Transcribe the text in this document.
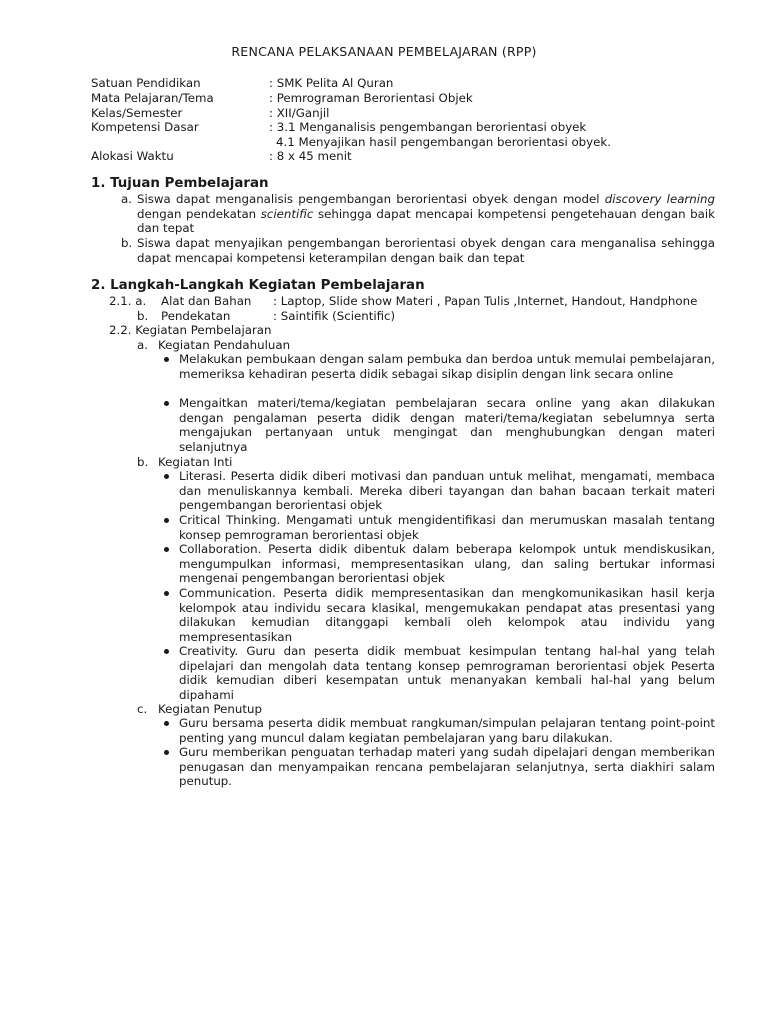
RENCANA PELAKSANAAN PEMBELAJARAN (RPP)
Satuan Pendidikan	: SMK Pelita Al Quran
Mata Pelajaran/Tema	: Pemrograman Berorientasi Objek
Kelas/Semester	: XII/Ganjil
Kompetensi Dasar	: 3.1 Menganalisis pengembangan berorientasi obyek
4.1 Menyajikan hasil pengembangan berorientasi obyek.
Alokasi Waktu	: 8 x 45 menit
1. Tujuan Pembelajaran
a. Siswa dapat menganalisis pengembangan berorientasi obyek dengan model discovery learning dengan pendekatan scientific sehingga dapat mencapai kompetensi pengetehauan dengan baik dan tepat
b. Siswa dapat menyajikan pengembangan berorientasi obyek dengan cara menganalisa sehingga dapat mencapai kompetensi keterampilan dengan baik dan tepat
2. Langkah-Langkah Kegiatan Pembelajaran
2.1. a. Alat dan Bahan : Laptop, Slide show Materi , Papan Tulis ,Internet, Handout, Handphone
b. Pendekatan	: Saintifik (Scientific)
2.2. Kegiatan Pembelajaran
a. Kegiatan Pendahuluan
Melakukan pembukaan dengan salam pembuka dan berdoa untuk memulai pembelajaran, memeriksa kehadiran peserta didik sebagai sikap disiplin dengan link secara online
Mengaitkan materi/tema/kegiatan pembelajaran secara online yang akan dilakukan dengan pengalaman peserta didik dengan materi/tema/kegiatan sebelumnya serta mengajukan pertanyaan untuk mengingat dan menghubungkan dengan materi selanjutnya
b. Kegiatan Inti
Literasi. Peserta didik diberi motivasi dan panduan untuk melihat, mengamati, membaca dan menuliskannya kembali. Mereka diberi tayangan dan bahan bacaan terkait materi pengembangan berorientasi objek
Critical Thinking. Mengamati untuk mengidentifikasi dan merumuskan masalah tentang konsep pemrograman berorientasi objek
Collaboration. Peserta didik dibentuk dalam beberapa kelompok untuk mendiskusikan, mengumpulkan informasi, mempresentasikan ulang, dan saling bertukar informasi mengenai pengembangan berorientasi objek
Communication. Peserta didik mempresentasikan dan mengkomunikasikan hasil kerja kelompok atau individu secara klasikal, mengemukakan pendapat atas presentasi yang dilakukan kemudian ditanggapi kembali oleh kelompok atau individu yang mempresentasikan
Creativity. Guru dan peserta didik membuat kesimpulan tentang hal-hal yang telah dipelajari dan mengolah data tentang konsep pemrograman berorientasi objek Peserta didik kemudian diberi kesempatan untuk menanyakan kembali hal-hal yang belum dipahami
c. Kegiatan Penutup
Guru bersama peserta didik membuat rangkuman/simpulan pelajaran tentang point-point penting yang muncul dalam kegiatan pembelajaran yang baru dilakukan.
Guru memberikan penguatan terhadap materi yang sudah dipelajari dengan memberikan penugasan dan menyampaikan rencana pembelajaran selanjutnya, serta diakhiri salam penutup.
